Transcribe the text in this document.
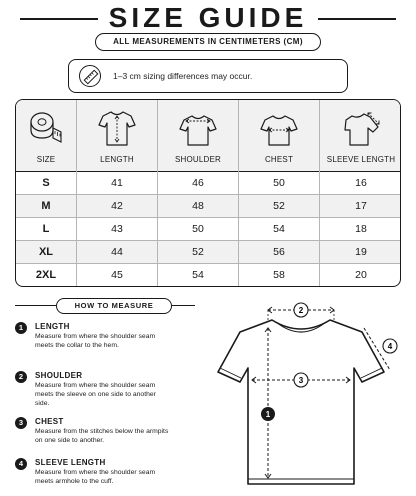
SIZE GUIDE
ALL MEASUREMENTS IN CENTIMETERS (CM)
1–3 cm sizing differences may occur.
SIZE	LENGTH	SHOULDER	CHEST	SLEEVE LENGTH
S	41	46	50	16
M	42	48	52	17
L	43	50	54	18
XL	44	52	56	19
2XL	45	54	58	20
HOW TO MEASURE
1	LENGTH
Measure from where the shoulder seam meets the collar to the hem.
2	SHOULDER
Measure from where the shoulder seam meets the sleeve on one side to another side.
3	CHEST
Measure from the stitches below the armpits on one side to another.
4	SLEEVE LENGTH
Measure from where the shoulder seam meets armhole to the cuff.
2
4
3
1
